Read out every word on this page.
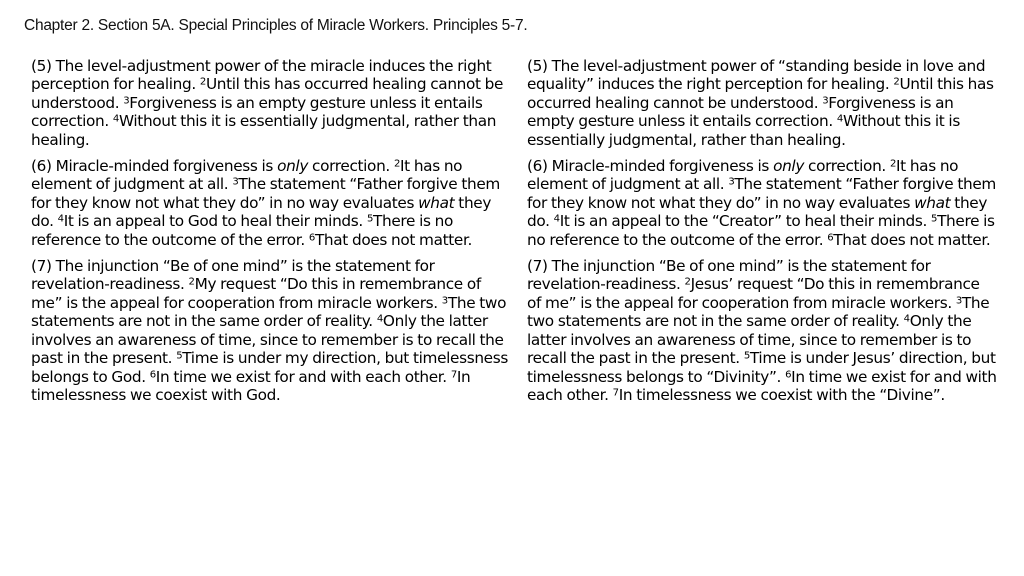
Chapter 2. Section 5A. Special Principles of Miracle Workers. Principles 5-7.

(5) The level-adjustment power of the miracle induces the right perception for healing. $^2$Until this has occurred healing cannot be understood. $^3$Forgiveness is an empty gesture unless it entails correction. $^4$Without this it is essentially judgmental, rather than healing.

(6) Miracle-minded forgiveness is only correction. $^2$It has no element of judgment at all. $^3$The statement “Father forgive them for they know not what they do” in no way evaluates what they do. $^4$It is an appeal to God to heal their minds. $^5$There is no reference to the outcome of the error. $^6$That does not matter.

(7) The injunction “Be of one mind” is the statement for revelation-readiness. $^2$My request “Do this in remembrance of me” is the appeal for cooperation from miracle workers. $^3$The two statements are not in the same order of reality. $^4$Only the latter involves an awareness of time, since to remember is to recall the past in the present. $^5$Time is under my direction, but timelessness belongs to God. $^6$In time we exist for and with each other. $^7$In timelessness we coexist with God.

(5) The level-adjustment power of “standing beside in love and equality” induces the right perception for healing. $^2$Until this has occurred healing cannot be understood. $^3$Forgiveness is an empty gesture unless it entails correction. $^4$Without this it is essentially judgmental, rather than healing.

(6) Miracle-minded forgiveness is only correction. $^2$It has no element of judgment at all. $^3$The statement “Father forgive them for they know not what they do” in no way evaluates what they do. $^4$It is an appeal to the “Creator” to heal their minds. $^5$There is no reference to the outcome of the error. $^6$That does not matter.

(7) The injunction “Be of one mind” is the statement for revelation-readiness. $^2$Jesus’ request “Do this in remembrance of me” is the appeal for cooperation from miracle workers. $^3$The two statements are not in the same order of reality. $^4$Only the latter involves an awareness of time, since to remember is to recall the past in the present. $^5$Time is under Jesus’ direction, but timelessness belongs to “Divinity”. $^6$In time we exist for and with each other. $^7$In timelessness we coexist with the “Divine”.
